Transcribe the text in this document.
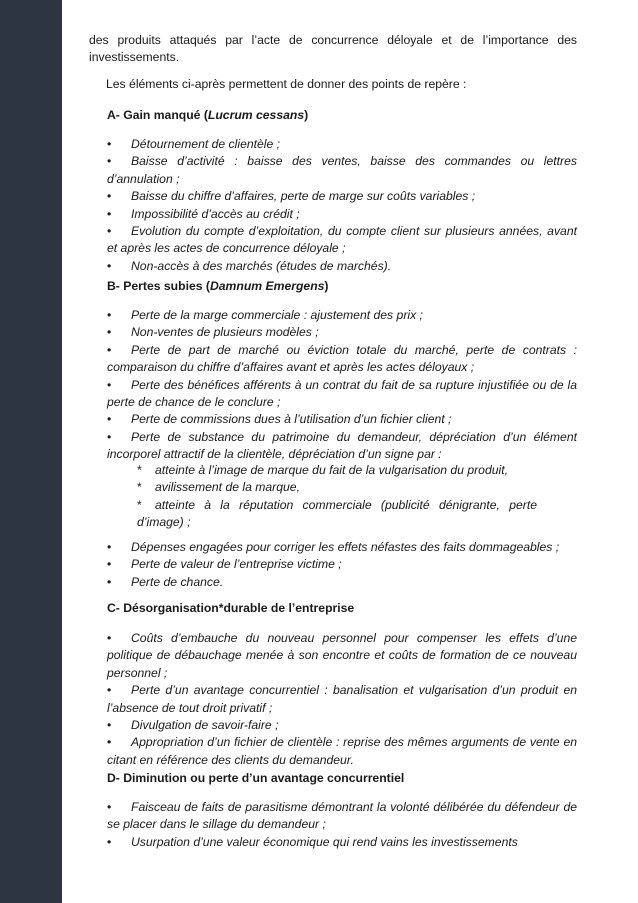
des produits attaqués par l’acte de concurrence déloyale et de l’importance des investissements.

Les éléments ci-après permettent de donner des points de repère :

A- Gain manqué (Lucrum cessans)

• Détournement de clientèle ;

• Baisse d’activité : baisse des ventes, baisse des commandes ou lettres d’annulation ;

• Baisse du chiffre d’affaires, perte de marge sur coûts variables ;

• Impossibilité d’accès au crédit ;

• Evolution du compte d’exploitation, du compte client sur plusieurs années, avant et après les actes de concurrence déloyale ;

• Non-accès à des marchés (études de marchés).

B- Pertes subies (Damnum Emergens)

• Perte de la marge commerciale : ajustement des prix ;

• Non-ventes de plusieurs modèles ;

• Perte de part de marché ou éviction totale du marché, perte de contrats : comparaison du chiffre d’affaires avant et après les actes déloyaux ;

• Perte des bénéfices afférents à un contrat du fait de sa rupture injustifiée ou de la perte de chance de le conclure ;

• Perte de commissions dues à l’utilisation d’un fichier client ;

• Perte de substance du patrimoine du demandeur, dépréciation d’un élément incorporel attractif de la clientèle, dépréciation d’un signe par :

* atteinte à l’image de marque du fait de la vulgarisation du produit,

* avilissement de la marque,

* atteinte à la réputation commerciale (publicité dénigrante, perte d’image) ;

• Dépenses engagées pour corriger les effets néfastes des faits dommageables ;

• Perte de valeur de l’entreprise victime ;

• Perte de chance.

C- Désorganisation*durable de l’entreprise

• Coûts d’embauche du nouveau personnel pour compenser les effets d’une politique de débauchage menée à son encontre et coûts de formation de ce nouveau personnel ;

• Perte d’un avantage concurrentiel : banalisation et vulgarisation d’un produit en l’absence de tout droit privatif ;

• Divulgation de savoir-faire ;

• Appropriation d’un fichier de clientèle : reprise des mêmes arguments de vente en citant en référence des clients du demandeur.

D- Diminution ou perte d’un avantage concurrentiel

• Faisceau de faits de parasitisme démontrant la volonté délibérée du défendeur de se placer dans le sillage du demandeur ;

• Usurpation d’une valeur économique qui rend vains les investissements
